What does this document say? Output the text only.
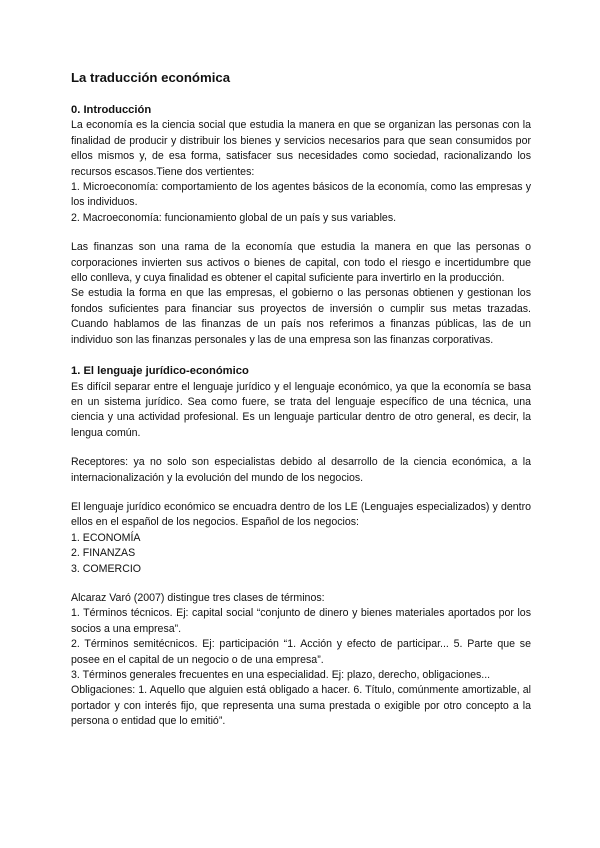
La traducción económica
0. Introducción

La economía es la ciencia social que estudia la manera en que se organizan las personas con la finalidad de producir y distribuir los bienes y servicios necesarios para que sean consumidos por ellos mismos y, de esa forma, satisfacer sus necesidades como sociedad, racionalizando los recursos escasos.Tiene dos vertientes:

1. Microeconomía: comportamiento de los agentes básicos de la economía, como las empresas y los individuos.

2. Macroeconomía: funcionamiento global de un país y sus variables.

Las finanzas son una rama de la economía que estudia la manera en que las personas o corporaciones invierten sus activos o bienes de capital, con todo el riesgo e incertidumbre que ello conlleva, y cuya finalidad es obtener el capital suficiente para invertirlo en la producción.

Se estudia la forma en que las empresas, el gobierno o las personas obtienen y gestionan los fondos suficientes para financiar sus proyectos de inversión o cumplir sus metas trazadas. Cuando hablamos de las finanzas de un país nos referimos a finanzas públicas, las de un individuo son las finanzas personales y las de una empresa son las finanzas corporativas.

1. El lenguaje jurídico-económico

Es difícil separar entre el lenguaje jurídico y el lenguaje económico, ya que la economía se basa en un sistema jurídico. Sea como fuere, se trata del lenguaje específico de una técnica, una ciencia y una actividad profesional. Es un lenguaje particular dentro de otro general, es decir, la lengua común.

Receptores: ya no solo son especialistas debido al desarrollo de la ciencia económica, a la internacionalización y la evolución del mundo de los negocios.

El lenguaje jurídico económico se encuadra dentro de los LE (Lenguajes especializados) y dentro ellos en el español de los negocios. Español de los negocios:

1. ECONOMÍA

2. FINANZAS

3. COMERCIO

Alcaraz Varó (2007) distingue tres clases de términos:

1. Términos técnicos. Ej: capital social “conjunto de dinero y bienes materiales aportados por los socios a una empresa”.

2. Términos semitécnicos. Ej: participación “1. Acción y efecto de participar... 5. Parte que se posee en el capital de un negocio o de una empresa”.

3. Términos generales frecuentes en una especialidad. Ej: plazo, derecho, obligaciones...

Obligaciones: 1. Aquello que alguien está obligado a hacer. 6. Título, comúnmente amortizable, al portador y con interés fijo, que representa una suma prestada o exigible por otro concepto a la persona o entidad que lo emitió”.
